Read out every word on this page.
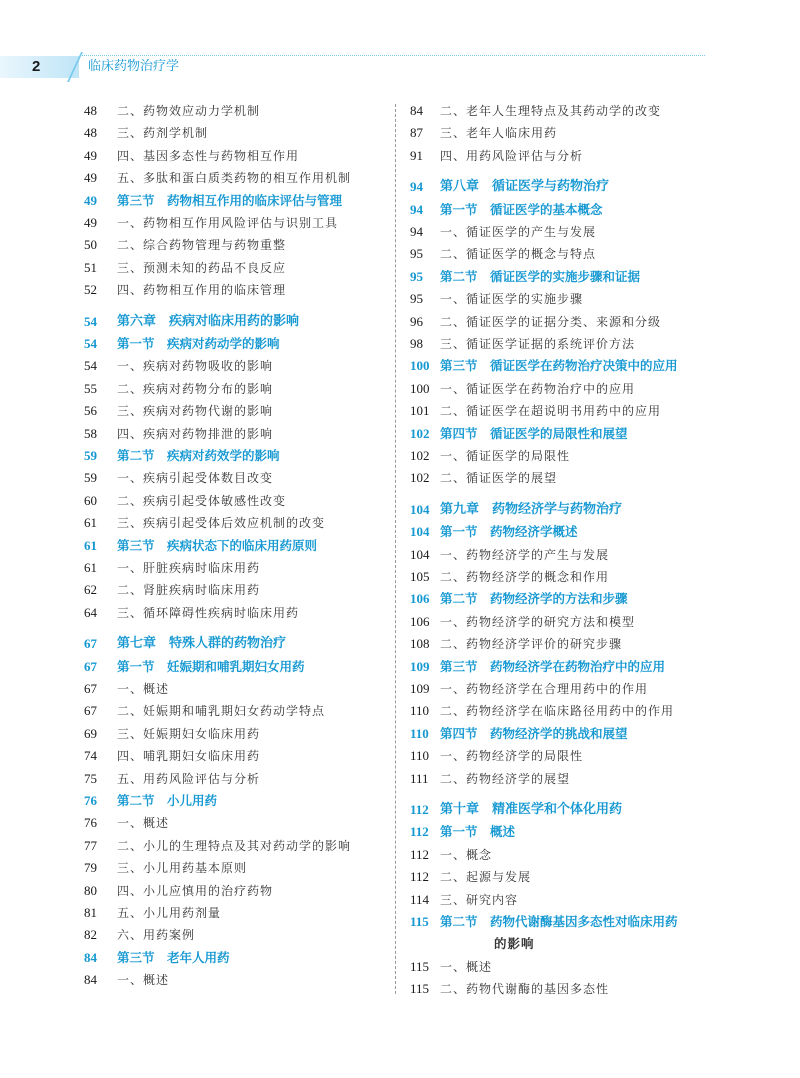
2	临床药物治疗学
48	二、药物效应动力学机制
48	三、药剂学机制
49	四、基因多态性与药物相互作用
49	五、多肽和蛋白质类药物的相互作用机制
49	第三节　药物相互作用的临床评估与管理
49	一、药物相互作用风险评估与识别工具
50	二、综合药物管理与药物重整
51	三、预测未知的药品不良反应
52	四、药物相互作用的临床管理
54	第六章　疾病对临床用药的影响
54	第一节　疾病对药动学的影响
54	一、疾病对药物吸收的影响
55	二、疾病对药物分布的影响
56	三、疾病对药物代谢的影响
58	四、疾病对药物排泄的影响
59	第二节　疾病对药效学的影响
59	一、疾病引起受体数目改变
60	二、疾病引起受体敏感性改变
61	三、疾病引起受体后效应机制的改变
61	第三节　疾病状态下的临床用药原则
61	一、肝脏疾病时临床用药
62	二、肾脏疾病时临床用药
64	三、循环障碍性疾病时临床用药
67	第七章　特殊人群的药物治疗
67	第一节　妊娠期和哺乳期妇女用药
67	一、概述
67	二、妊娠期和哺乳期妇女药动学特点
69	三、妊娠期妇女临床用药
74	四、哺乳期妇女临床用药
75	五、用药风险评估与分析
76	第二节　小儿用药
76	一、概述
77	二、小儿的生理特点及其对药动学的影响
79	三、小儿用药基本原则
80	四、小儿应慎用的治疗药物
81	五、小儿用药剂量
82	六、用药案例
84	第三节　老年人用药
84	一、概述
84	二、老年人生理特点及其药动学的改变
87	三、老年人临床用药
91	四、用药风险评估与分析
94	第八章　循证医学与药物治疗
94	第一节　循证医学的基本概念
94	一、循证医学的产生与发展
95	二、循证医学的概念与特点
95	第二节　循证医学的实施步骤和证据
95	一、循证医学的实施步骤
96	二、循证医学的证据分类、来源和分级
98	三、循证医学证据的系统评价方法
100 第三节　循证医学在药物治疗决策中的应用
100 一、循证医学在药物治疗中的应用
101 二、循证医学在超说明书用药中的应用
102 第四节　循证医学的局限性和展望
102 一、循证医学的局限性
102 二、循证医学的展望
104 第九章　药物经济学与药物治疗
104 第一节　药物经济学概述
104 一、药物经济学的产生与发展
105 二、药物经济学的概念和作用
106 第二节　药物经济学的方法和步骤
106 一、药物经济学的研究方法和模型
108 二、药物经济学评价的研究步骤
109 第三节　药物经济学在药物治疗中的应用
109 一、药物经济学在合理用药中的作用
110 二、药物经济学在临床路径用药中的作用
110 第四节　药物经济学的挑战和展望
110 一、药物经济学的局限性
111 二、药物经济学的展望
112 第十章　精准医学和个体化用药
112 第一节　概述
112 一、概念
112 二、起源与发展
114 三、研究内容
115 第二节　药物代谢酶基因多态性对临床用药
的影响
115 一、概述
115 二、药物代谢酶的基因多态性
